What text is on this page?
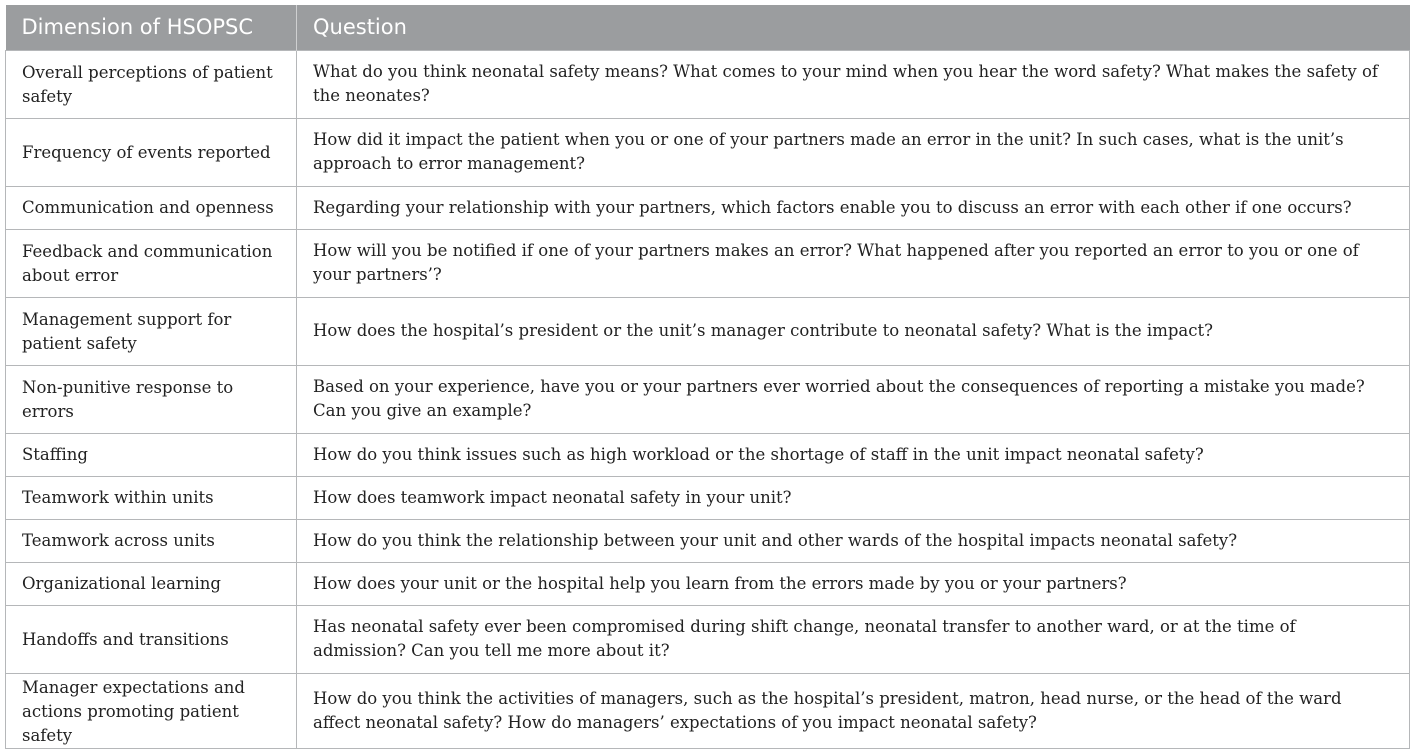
Dimension of HSOPSC	Question
Overall perceptions of patient safety	What do you think neonatal safety means? What comes to your mind when you hear the word safety? What makes the safety of the neonates?
Frequency of events reported	How did it impact the patient when you or one of your partners made an error in the unit? In such cases, what is the unit’s approach to error management?
Communication and openness	Regarding your relationship with your partners, which factors enable you to discuss an error with each other if one occurs?
Feedback and communication about error	How will you be notified if one of your partners makes an error? What happened after you reported an error to you or one of your partners’?
Management support for patient safety	How does the hospital’s president or the unit’s manager contribute to neonatal safety? What is the impact?
Non-punitive response to errors	Based on your experience, have you or your partners ever worried about the consequences of reporting a mistake you made? Can you give an example?
Staffing	How do you think issues such as high workload or the shortage of staff in the unit impact neonatal safety?
Teamwork within units	How does teamwork impact neonatal safety in your unit?
Teamwork across units	How do you think the relationship between your unit and other wards of the hospital impacts neonatal safety?
Organizational learning	How does your unit or the hospital help you learn from the errors made by you or your partners?
Handoffs and transitions	Has neonatal safety ever been compromised during shift change, neonatal transfer to another ward, or at the time of admission? Can you tell me more about it?
Manager expectations and actions promoting patient safety	How do you think the activities of managers, such as the hospital’s president, matron, head nurse, or the head of the ward affect neonatal safety? How do managers’ expectations of you impact neonatal safety?
